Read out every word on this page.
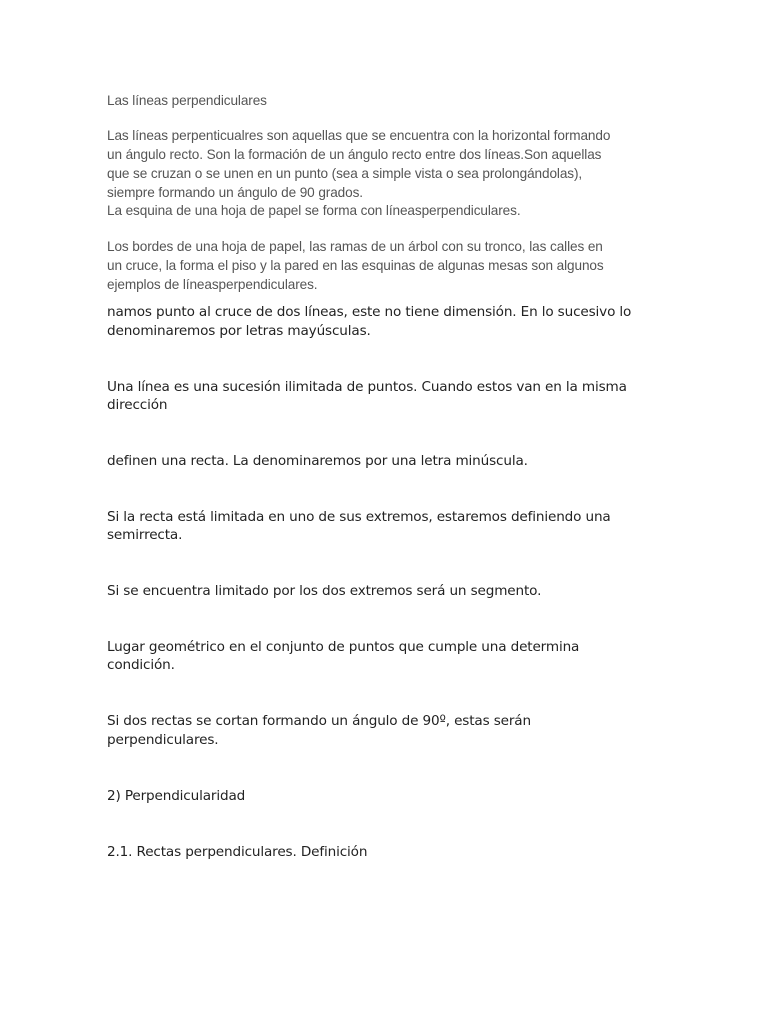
Las líneas perpendiculares

Las líneas perpenticualres son aquellas que se encuentra con la horizontal formando

un ángulo recto. Son la formación de un ángulo recto entre dos líneas.Son aquellas

que se cruzan o se unen en un punto (sea a simple vista o sea prolongándolas),

siempre formando un ángulo de 90 grados.

La esquina de una hoja de papel se forma con líneasperpendiculares.

Los bordes de una hoja de papel, las ramas de un árbol con su tronco, las calles en

un cruce, la forma el piso y la pared en las esquinas de algunas mesas son algunos

ejemplos de líneasperpendiculares.

namos punto al cruce de dos líneas, este no tiene dimensión. En lo sucesivo lo

denominaremos por letras mayúsculas.

Una línea es una sucesión ilimitada de puntos. Cuando estos van en la misma

dirección

definen una recta. La denominaremos por una letra minúscula.

Si la recta está limitada en uno de sus extremos, estaremos definiendo una

semirrecta.

Si se encuentra limitado por los dos extremos será un segmento.

Lugar geométrico en el conjunto de puntos que cumple una determina

condición.

Si dos rectas se cortan formando un ángulo de 90º, estas serán

perpendiculares.

2) Perpendicularidad

2.1. Rectas perpendiculares. Definición
